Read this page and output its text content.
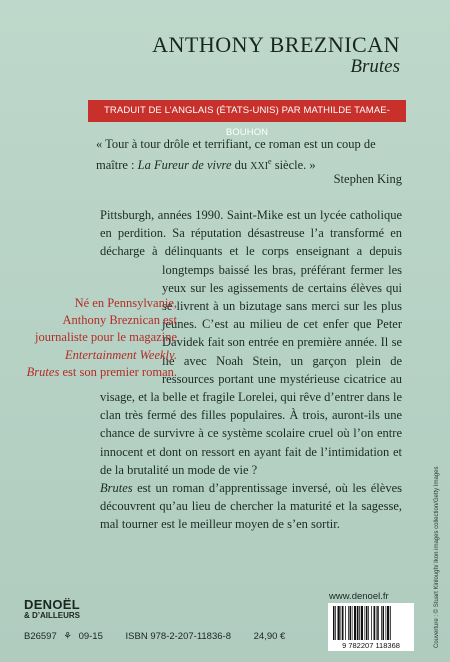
ANTHONY BREZNICAN
Brutes
TRADUIT DE L’ANGLAIS (ÉTATS-UNIS) PAR MATHILDE TAMAE-BOUHON
« Tour à tour drôle et terrifiant, ce roman est un coup de maître : La Fureur de vivre du XXIe siècle. »
Stephen King

Pittsburgh, années 1990. Saint-Mike est un lycée catholique en perdition. Sa réputation désastreuse l’a transformé en décharge à délinquants et le corps enseignant a depuis longtemps baissé les bras, préférant fermer les yeux sur les agissements de certains élèves qui se livrent à un bizutage sans merci sur les plus jeunes. C’est au milieu de cet enfer que Peter Davidek fait son entrée en première année. Il se lie avec Noah Stein, un garçon plein de ressources portant une mystérieuse cicatrice au visage, et la belle et fragile Lorelei, qui rêve d’entrer dans le clan très fermé des filles populaires. À trois, auront-ils une chance de survivre à ce système scolaire cruel où l’on entre innocent et dont on ressort en ayant fait de l’intimidation et de la brutalité un mode de vie ?

Brutes est un roman d’apprentissage inversé, où les élèves découvrent qu’au lieu de chercher la maturité et la sagesse, mal tourner est le meilleur moyen de s’en sortir.

Né en Pennsylvanie,
Anthony Breznican est
journaliste pour le magazine
Entertainment Weekly.
Brutes est son premier roman.
www.denoel.fr
9 782207 118368
DENOËL
& D’AILLEURS
B26597 ⚘ 09-15 ISBN 978-2-207-11836-8 24,90 €	Couverture : © Stuart Kinlough/ Ikon images collection/Getty Images
